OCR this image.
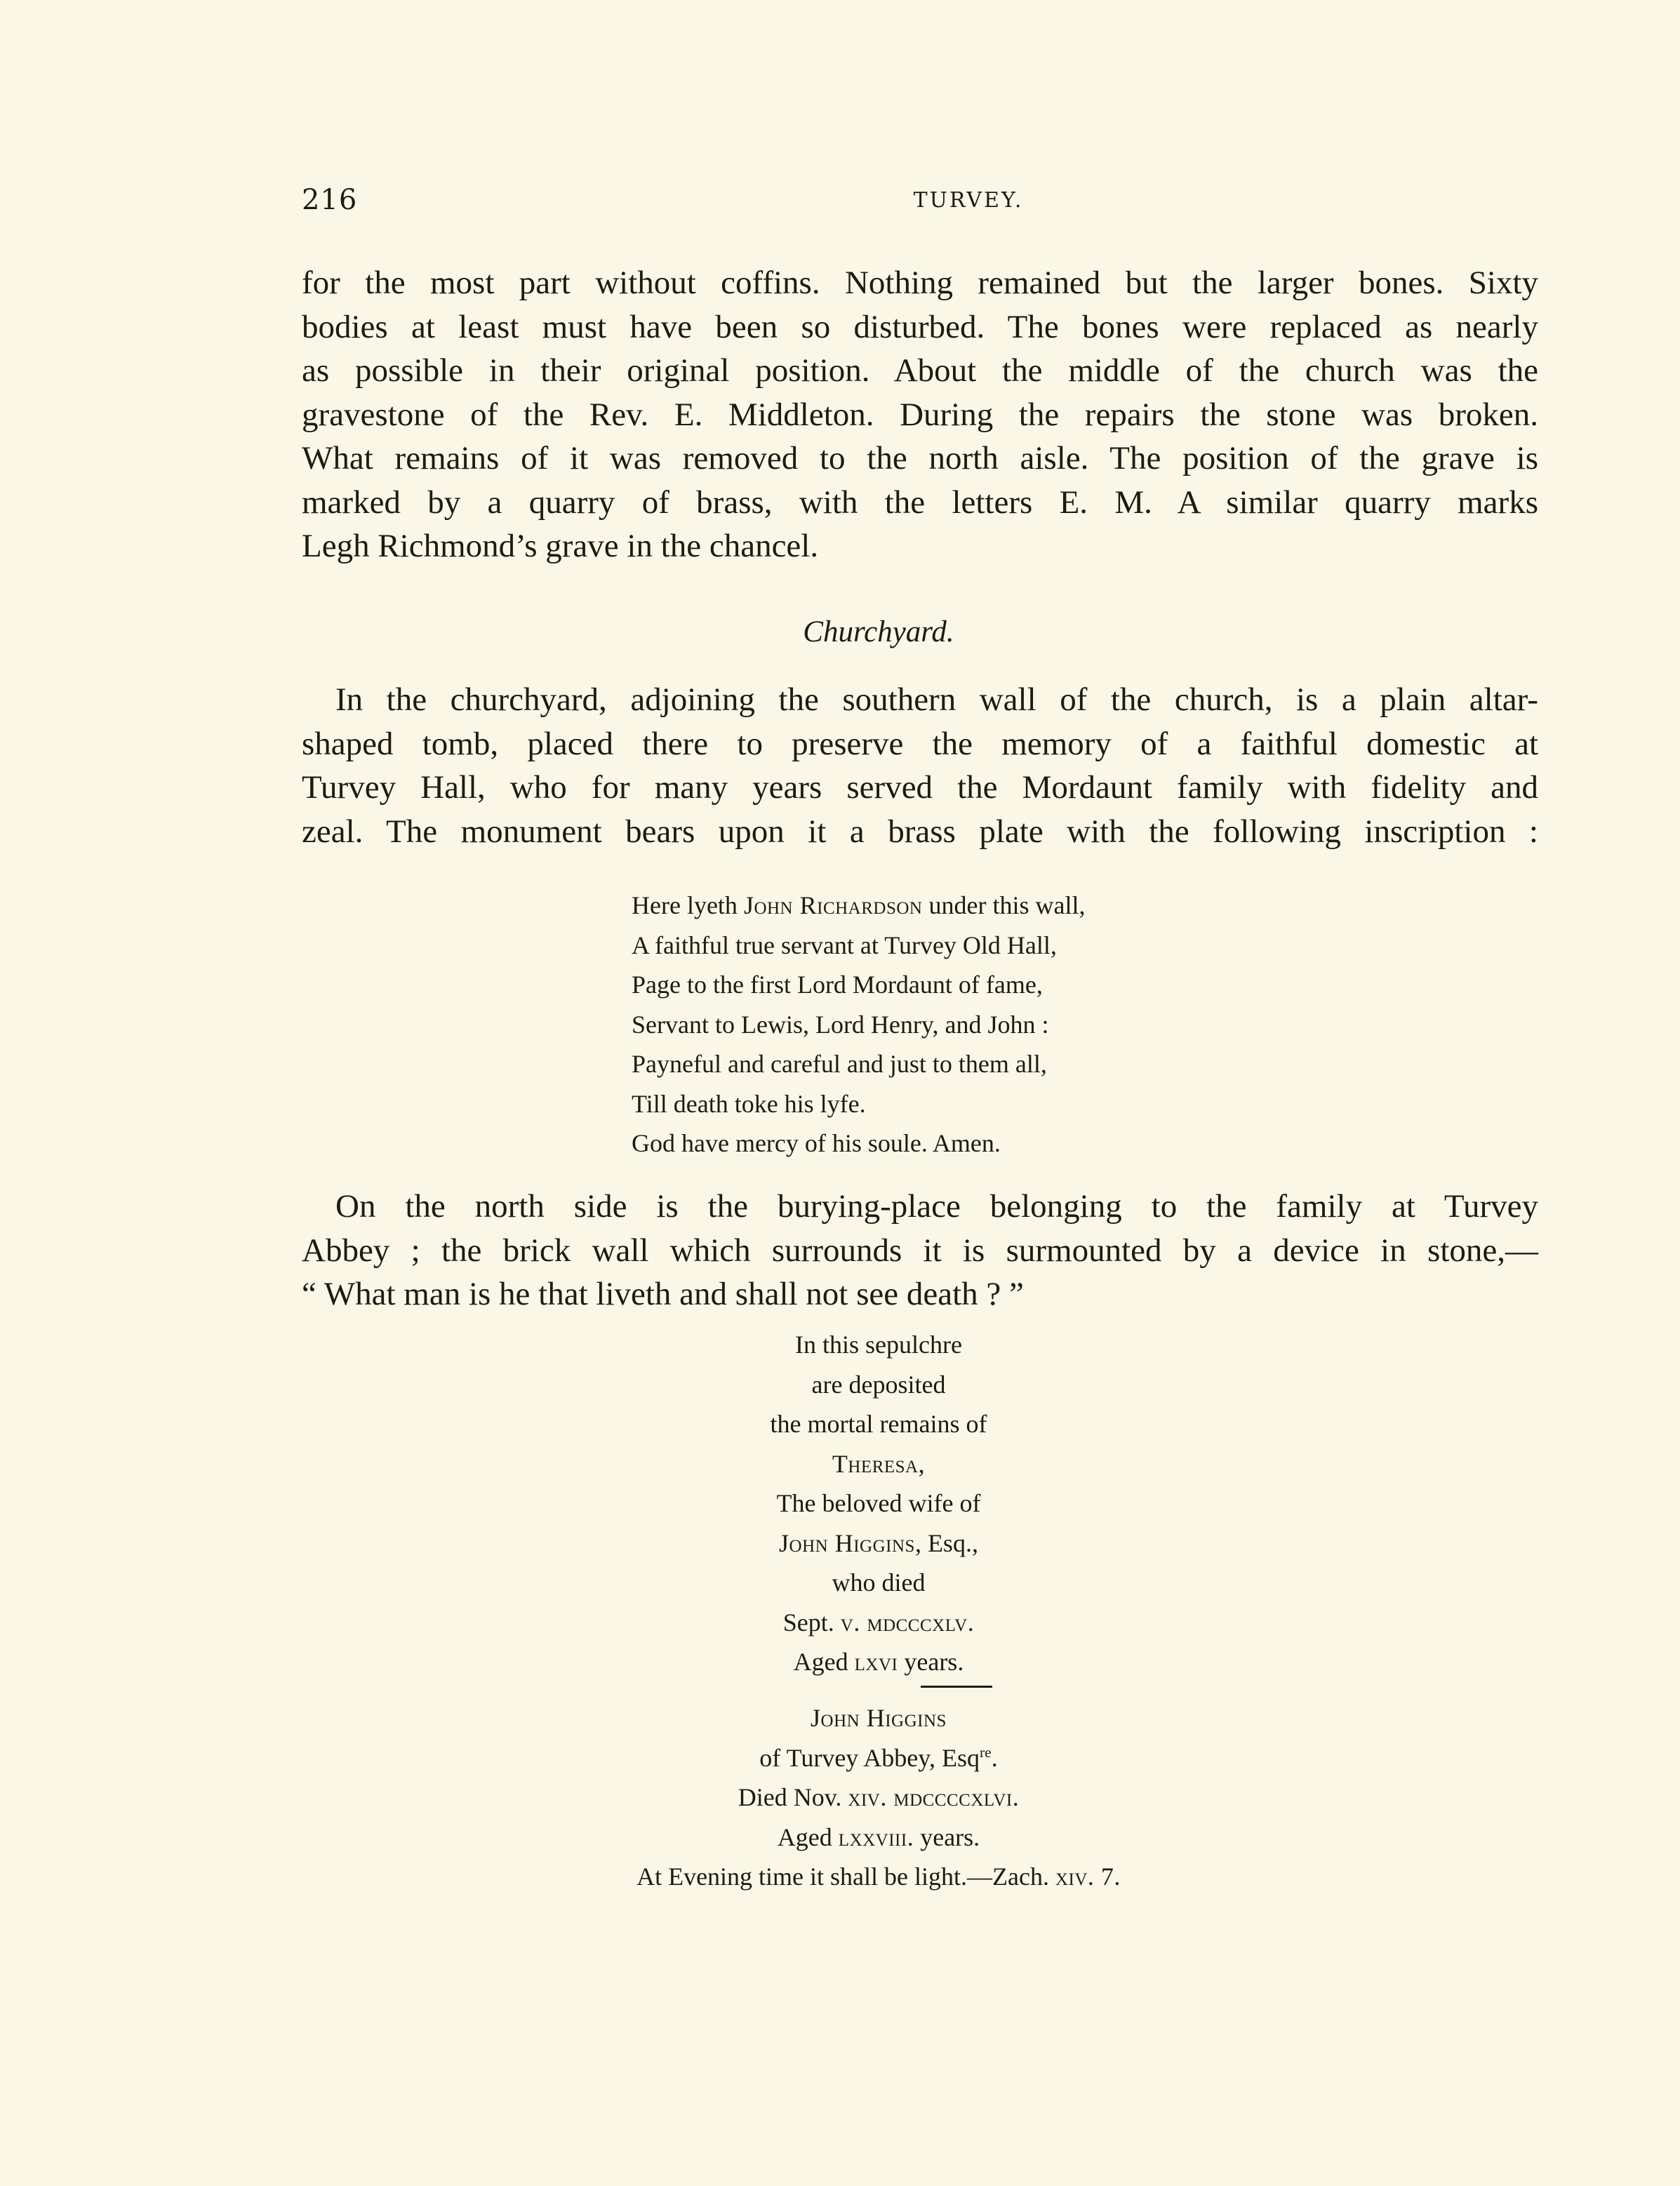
216	TURVEY.
for the most part without coffins. Nothing remained but the larger bones. Sixty
bodies at least must have been so disturbed. The bones were replaced as nearly
as possible in their original position. About the middle of the church was the
gravestone of the Rev. E. Middleton. During the repairs the stone was broken.
What remains of it was removed to the north aisle. The position of the grave is
marked by a quarry of brass, with the letters E. M. A similar quarry marks
Legh Richmond’s grave in the chancel.
Churchyard.
In the churchyard, adjoining the southern wall of the church, is a plain altar-
shaped tomb, placed there to preserve the memory of a faithful domestic at
Turvey Hall, who for many years served the Mordaunt family with fidelity and
zeal. The monument bears upon it a brass plate with the following inscription :
Here lyeth John Richardson under this wall,
A faithful true servant at Turvey Old Hall,
Page to the first Lord Mordaunt of fame,
Servant to Lewis, Lord Henry, and John :
Payneful and careful and just to them all,
Till death toke his lyfe.
God have mercy of his soule. Amen.
On the north side is the burying-place belonging to the family at Turvey
Abbey ; the brick wall which surrounds it is surmounted by a device in stone,—
“ What man is he that liveth and shall not see death ? ”
In this sepulchre
are deposited
the mortal remains of
Theresa,
The beloved wife of
John Higgins, Esq.,
who died
Sept. v. mdcccxlv.
Aged lxvi years.
John Higgins
of Turvey Abbey, Esq$^{re}$.
Died Nov. xiv. mdccccxlvi.
Aged lxxviii. years.
At Evening time it shall be light.—Zach. xiv. 7.
